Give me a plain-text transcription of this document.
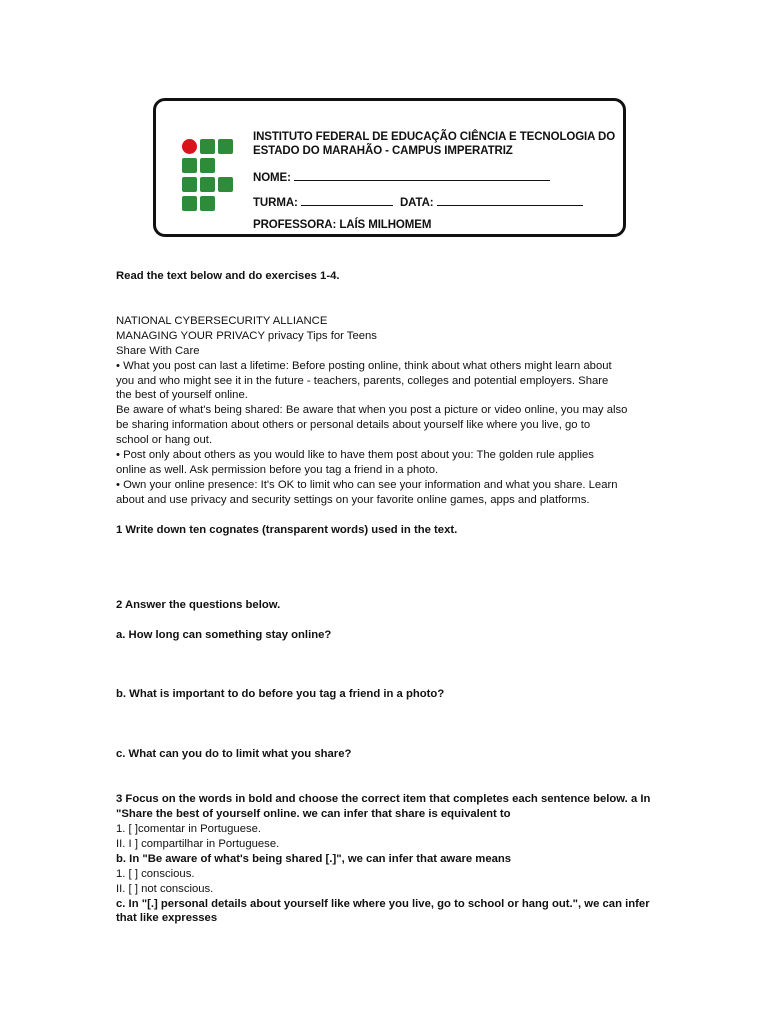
INSTITUTO FEDERAL DE EDUCAÇÃO CIÊNCIA E TECNOLOGIA DO
ESTADO DO MARAHÃO - CAMPUS IMPERATRIZ
NOME:
TURMA:	DATA:
PROFESSORA: LAÍS MILHOMEM

Read the text below and do exercises 1-4.

NATIONAL CYBERSECURITY ALLIANCE

MANAGING YOUR PRIVACY privacy Tips for Teens

Share With Care

• What you post can last a lifetime: Before posting online, think about what others might learn about

you and who might see it in the future - teachers, parents, colleges and potential employers. Share

the best of yourself online.

Be aware of what's being shared: Be aware that when you post a picture or video online, you may also

be sharing information about others or personal details about yourself like where you live, go to

school or hang out.

• Post only about others as you would like to have them post about you: The golden rule applies

online as well. Ask permission before you tag a friend in a photo.

• Own your online presence: It's OK to limit who can see your information and what you share. Learn

about and use privacy and security settings on your favorite online games, apps and platforms.

1 Write down ten cognates (transparent words) used in the text.

2 Answer the questions below.

a. How long can something stay online?

b. What is important to do before you tag a friend in a photo?

c. What can you do to limit what you share?

3 Focus on the words in bold and choose the correct item that completes each sentence below. a In

"Share the best of yourself online. we can infer that share is equivalent to

1. [ ]comentar in Portuguese.

II. I ] compartilhar in Portuguese.

b. In "Be aware of what's being shared [.]", we can infer that aware means

1. [ ] conscious.

II. [ ] not conscious.

c. In "[.] personal details about yourself like where you live, go to school or hang out.", we can infer

that like expresses
